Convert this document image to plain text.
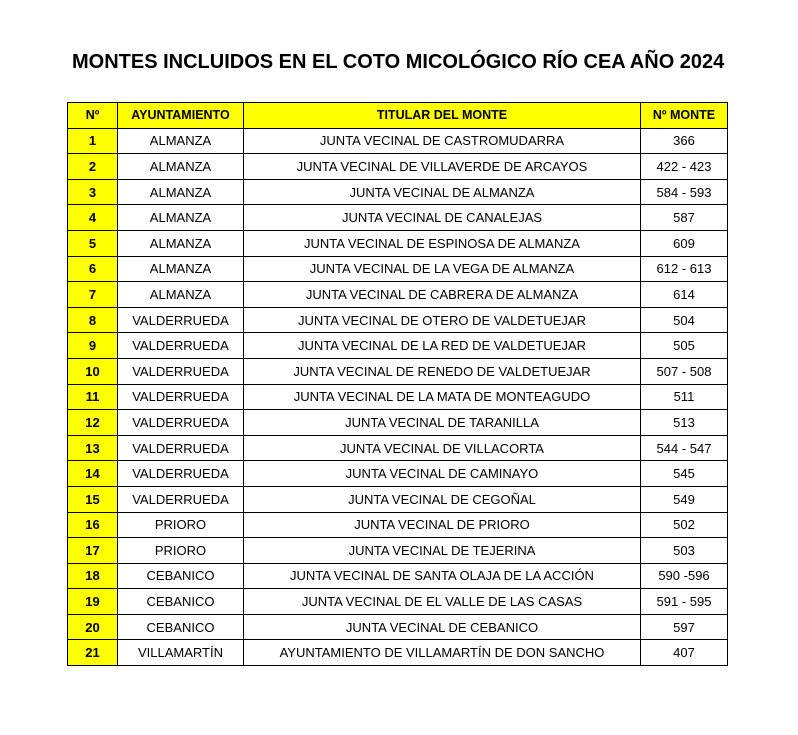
MONTES INCLUIDOS EN EL COTO MICOLÓGICO RÍO CEA AÑO 2024
Nº	AYUNTAMIENTO	TITULAR DEL MONTE	Nº MONTE
1	ALMANZA	JUNTA VECINAL DE CASTROMUDARRA	366
2	ALMANZA	JUNTA VECINAL DE VILLAVERDE DE ARCAYOS	422 - 423
3	ALMANZA	JUNTA VECINAL DE ALMANZA	584 - 593
4	ALMANZA	JUNTA VECINAL DE CANALEJAS	587
5	ALMANZA	JUNTA VECINAL DE ESPINOSA DE ALMANZA	609
6	ALMANZA	JUNTA VECINAL DE LA VEGA DE ALMANZA	612 - 613
7	ALMANZA	JUNTA VECINAL DE CABRERA DE ALMANZA	614
8	VALDERRUEDA	JUNTA VECINAL DE OTERO DE VALDETUEJAR	504
9	VALDERRUEDA	JUNTA VECINAL DE LA RED DE VALDETUEJAR	505
10	VALDERRUEDA	JUNTA VECINAL DE RENEDO DE VALDETUEJAR	507 - 508
11	VALDERRUEDA	JUNTA VECINAL DE LA MATA DE MONTEAGUDO	511
12	VALDERRUEDA	JUNTA VECINAL DE TARANILLA	513
13	VALDERRUEDA	JUNTA VECINAL DE VILLACORTA	544 - 547
14	VALDERRUEDA	JUNTA VECINAL DE CAMINAYO	545
15	VALDERRUEDA	JUNTA VECINAL DE CEGOÑAL	549
16	PRIORO	JUNTA VECINAL DE PRIORO	502
17	PRIORO	JUNTA VECINAL DE TEJERINA	503
18	CEBANICO	JUNTA VECINAL DE SANTA OLAJA DE LA ACCIÓN	590 -596
19	CEBANICO	JUNTA VECINAL DE EL VALLE DE LAS CASAS	591 - 595
20	CEBANICO	JUNTA VECINAL DE CEBANICO	597
21	VILLAMARTÍN	AYUNTAMIENTO DE VILLAMARTÍN DE DON SANCHO	407
